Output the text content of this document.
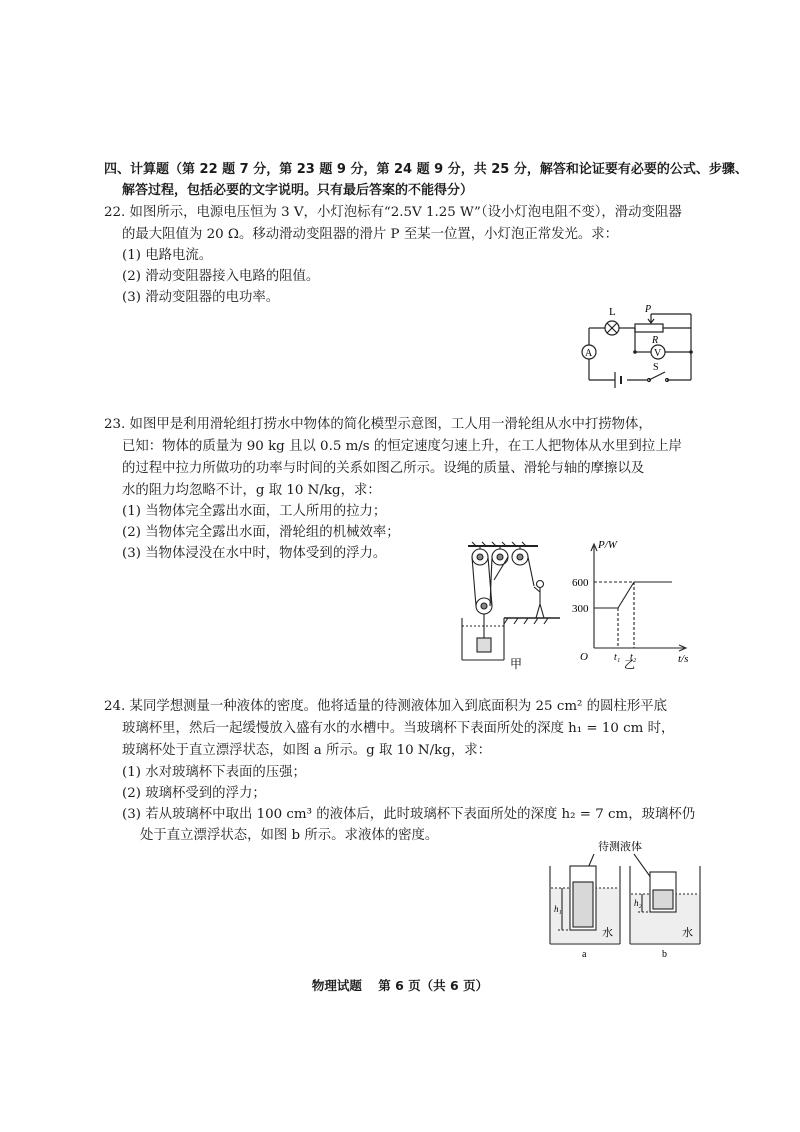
四、计算题（第 22 题 7 分，第 23 题 9 分，第 24 题 9 分，共 25 分，解答和论证要有必要的公式、步骤、
解答过程，包括必要的文字说明。只有最后答案的不能得分）
22. 如图所示，电源电压恒为 3 V，小灯泡标有“2.5V 1.25 W”（设小灯泡电阻不变），滑动变阻器
的最大阻值为 20 Ω。移动滑动变阻器的滑片 P 至某一位置，小灯泡正常发光。求：
(1) 电路电流。
(2) 滑动变阻器接入电路的阻值。
(3) 滑动变阻器的电功率。
L	P
R
A	V
S
23. 如图甲是利用滑轮组打捞水中物体的简化模型示意图，工人用一滑轮组从水中打捞物体，
已知：物体的质量为 90 kg 且以 0.5 m/s 的恒定速度匀速上升，在工人把物体从水里到拉上岸
的过程中拉力所做功的功率与时间的关系如图乙所示。设绳的质量、滑轮与轴的摩擦以及
水的阻力均忽略不计，g 取 10 N/kg，求：
(1) 当物体完全露出水面，工人所用的拉力；
(2) 当物体完全露出水面，滑轮组的机械效率；
(3) 当物体浸没在水中时，物体受到的浮力。
甲
P/W
t/s
O
600
300
t₁ t₂
乙
24. 某同学想测量一种液体的密度。他将适量的待测液体加入到底面积为 25 cm² 的圆柱形平底
玻璃杯里，然后一起缓慢放入盛有水的水槽中。当玻璃杯下表面所处的深度 h₁ = 10 cm 时，
玻璃杯处于直立漂浮状态，如图 a 所示。g 取 10 N/kg，求：
(1) 水对玻璃杯下表面的压强；
(2) 玻璃杯受到的浮力；
(3) 若从玻璃杯中取出 100 cm³ 的液体后，此时玻璃杯下表面所处的深度 h₂ = 7 cm，玻璃杯仍
处于直立漂浮状态，如图 b 所示。求液体的密度。
待测液体
h₁
h₂
水	水
a	b
物理试题 第 6 页（共 6 页）
